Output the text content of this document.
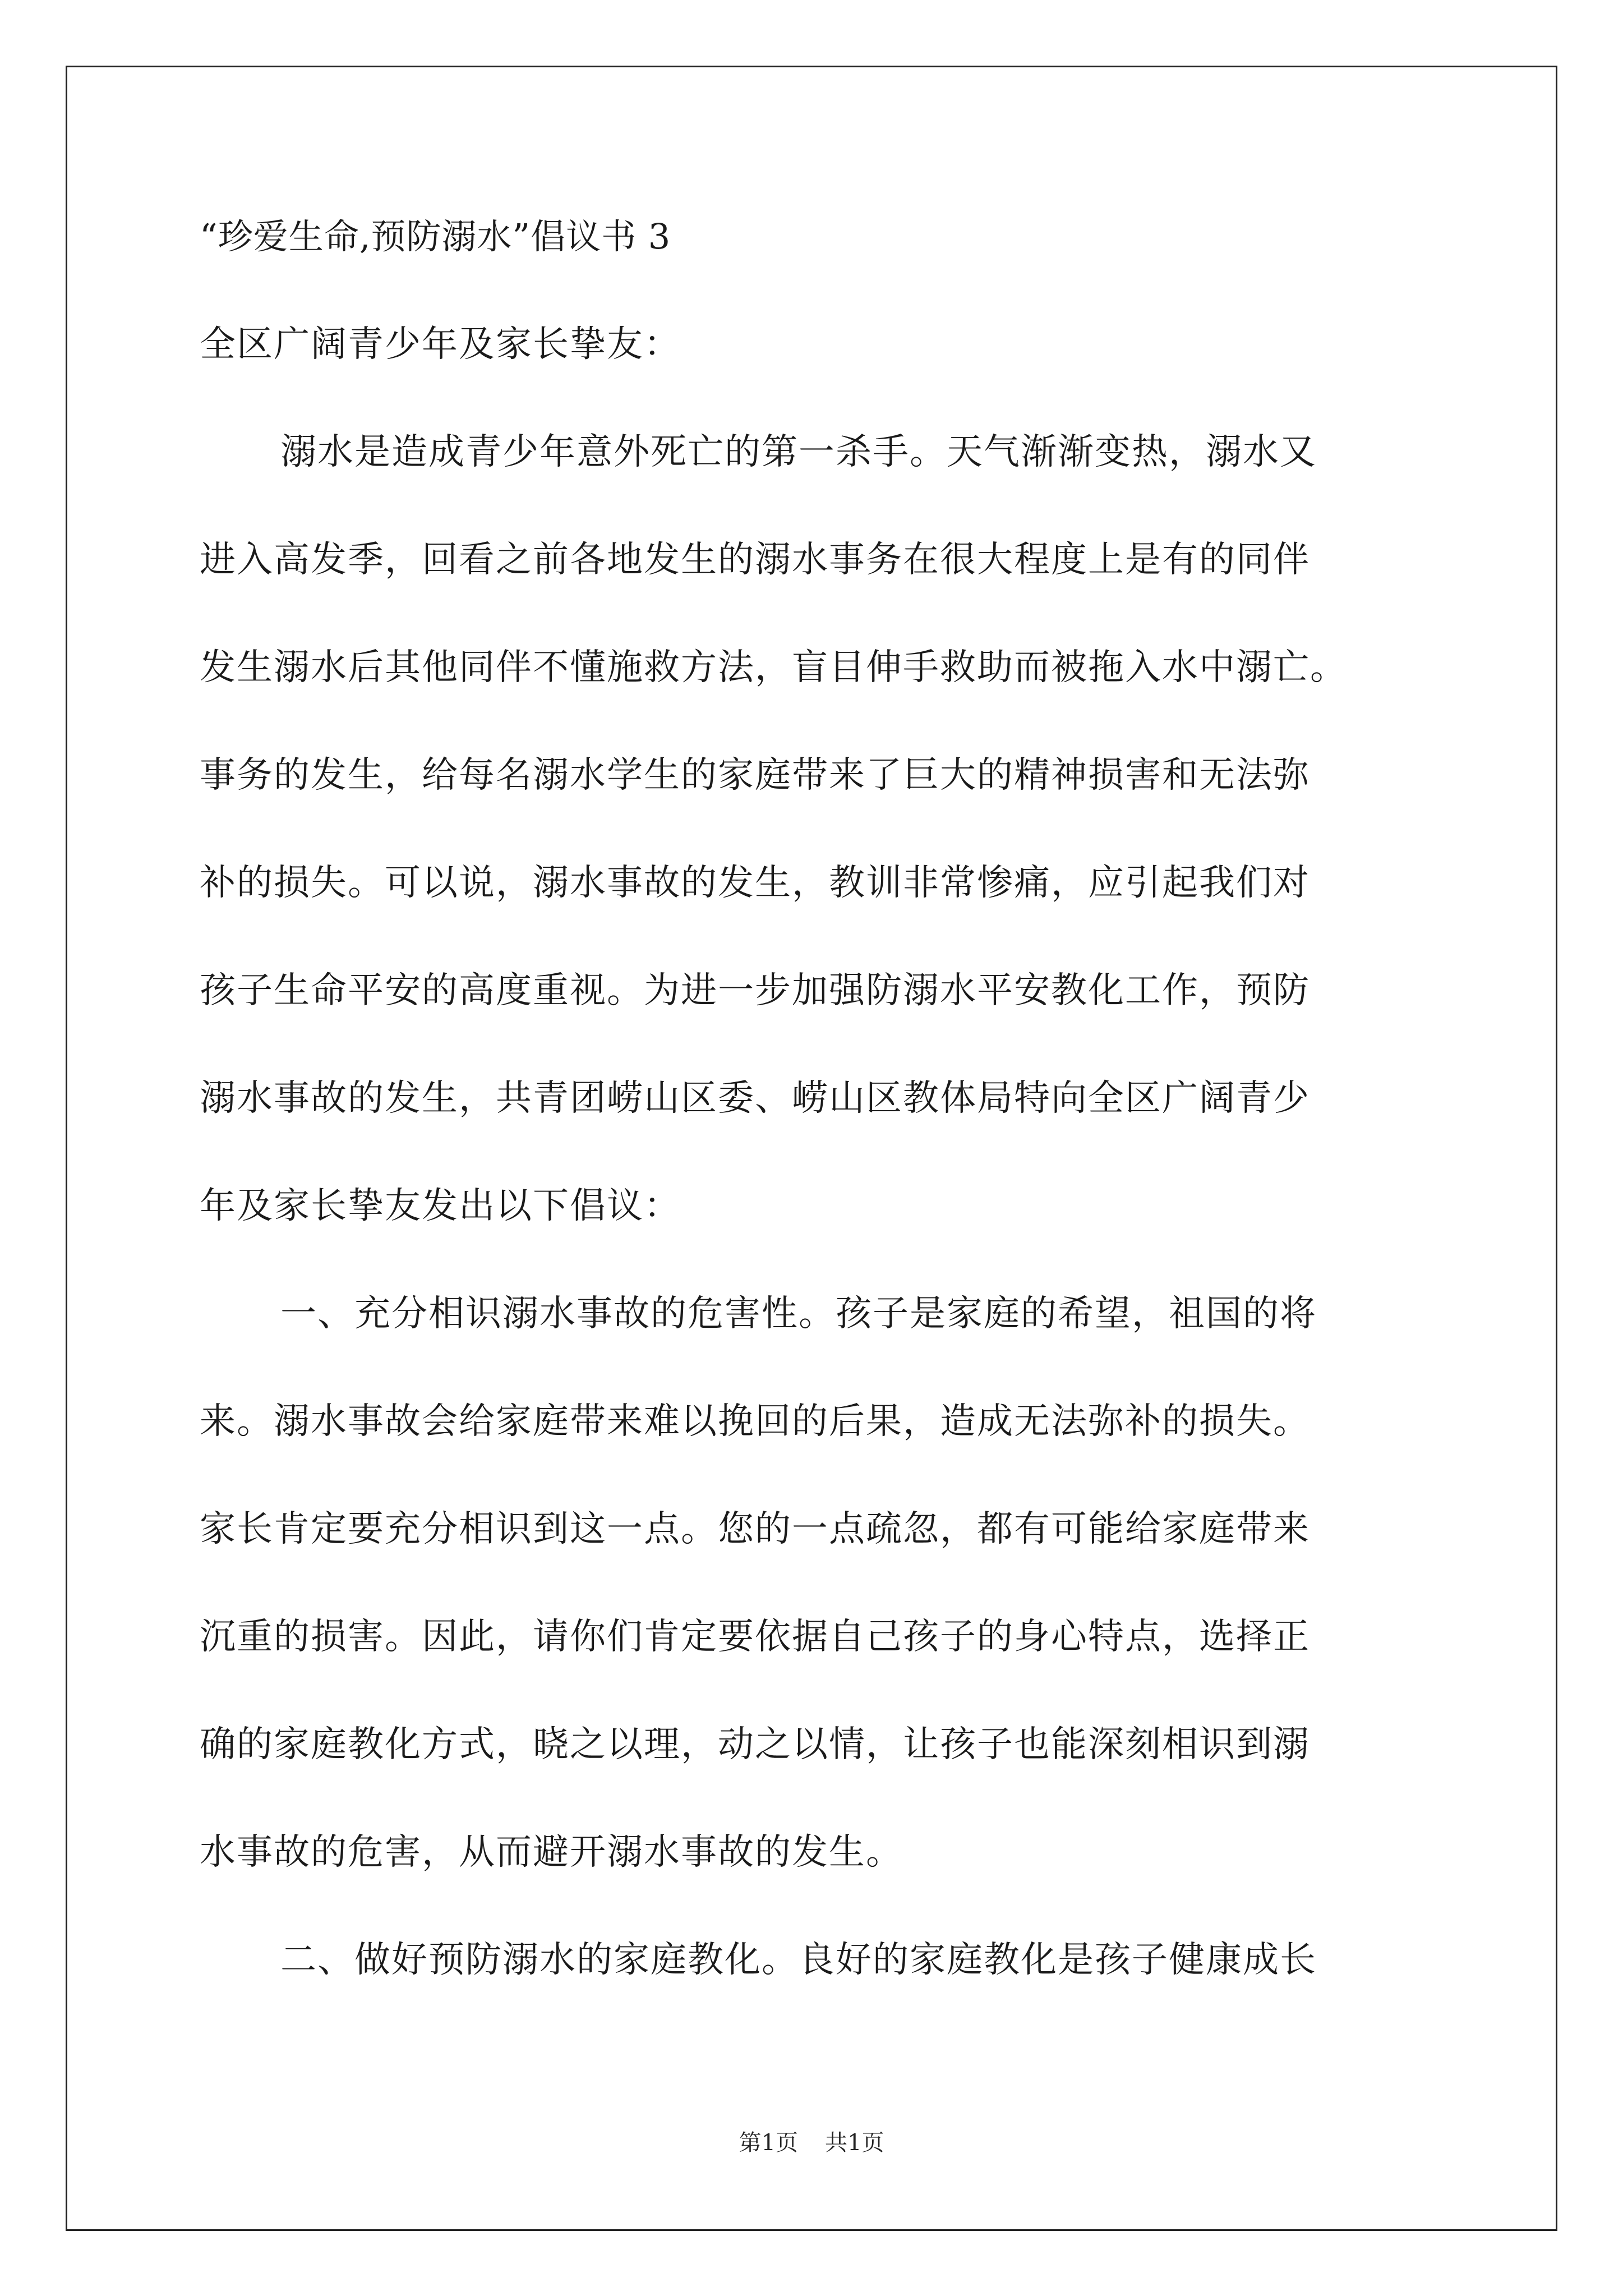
“珍爱生命,预防溺水”倡议书 3
全区广阔青少年及家长挚友：
溺水是造成青少年意外死亡的第一杀手。天气渐渐变热，溺水又
进入高发季，回看之前各地发生的溺水事务在很大程度上是有的同伴
发生溺水后其他同伴不懂施救方法，盲目伸手救助而被拖入水中溺亡。
事务的发生，给每名溺水学生的家庭带来了巨大的精神损害和无法弥
补的损失。可以说，溺水事故的发生，教训非常惨痛，应引起我们对
孩子生命平安的高度重视。为进一步加强防溺水平安教化工作，预防
溺水事故的发生，共青团崂山区委、崂山区教体局特向全区广阔青少
年及家长挚友发出以下倡议：
一、充分相识溺水事故的危害性。孩子是家庭的希望，祖国的将
来。溺水事故会给家庭带来难以挽回的后果，造成无法弥补的损失。
家长肯定要充分相识到这一点。您的一点疏忽，都有可能给家庭带来
沉重的损害。因此，请你们肯定要依据自己孩子的身心特点，选择正
确的家庭教化方式，晓之以理，动之以情，让孩子也能深刻相识到溺
水事故的危害，从而避开溺水事故的发生。
二、做好预防溺水的家庭教化。良好的家庭教化是孩子健康成长
第1页 共1页
